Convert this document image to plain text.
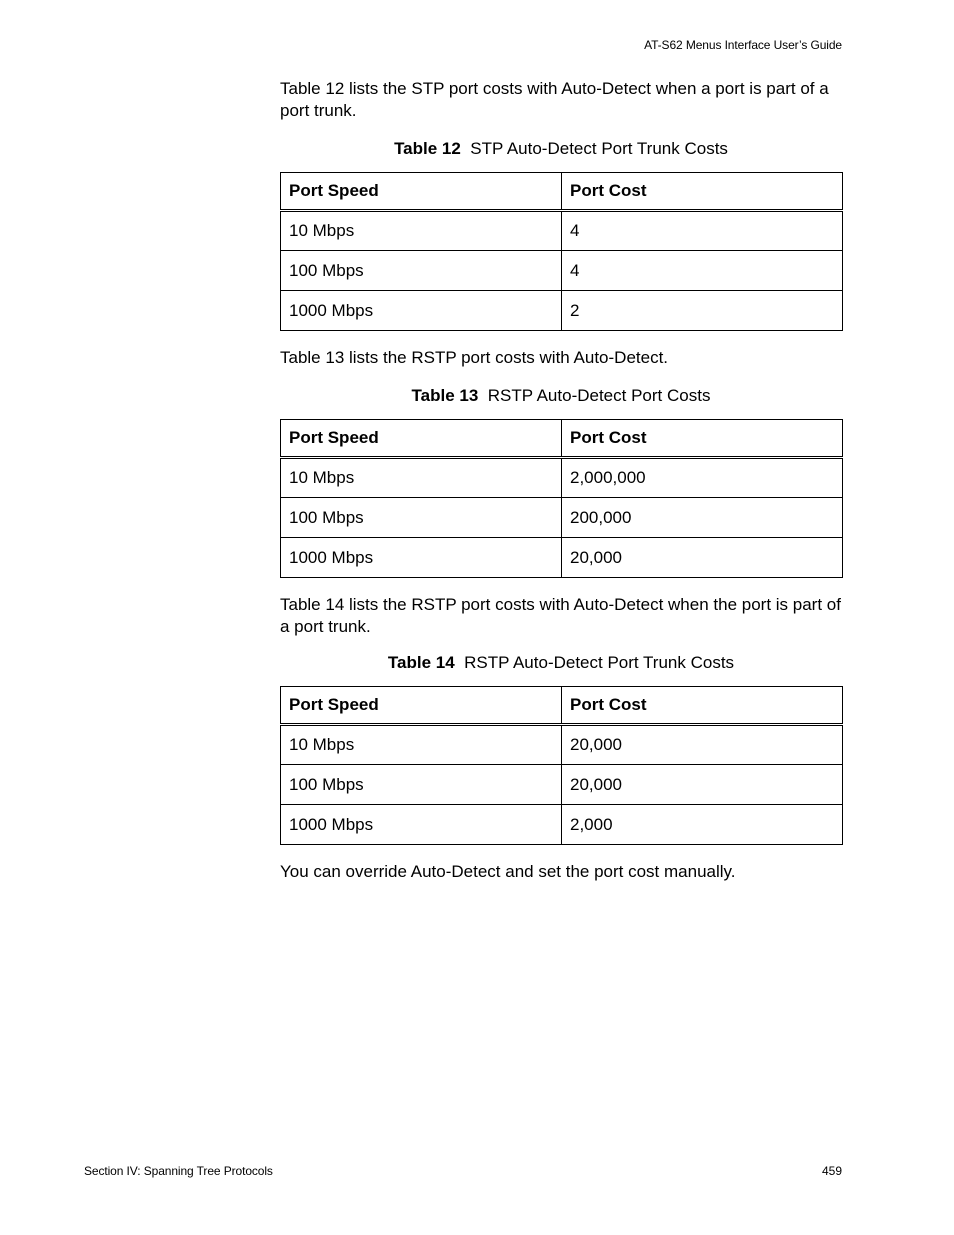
AT-S62 Menus Interface User’s Guide

Table 12 lists the STP port costs with Auto-Detect when a port is part of a port trunk.

Table 12 STP Auto-Detect Port Trunk Costs
Port Speed	Port Cost
10 Mbps	4
100 Mbps	4
1000 Mbps	2

Table 13 lists the RSTP port costs with Auto-Detect.

Table 13 RSTP Auto-Detect Port Costs
Port Speed	Port Cost
10 Mbps	2,000,000
100 Mbps	200,000
1000 Mbps	20,000

Table 14 lists the RSTP port costs with Auto-Detect when the port is part of a port trunk.

Table 14 RSTP Auto-Detect Port Trunk Costs
Port Speed	Port Cost
10 Mbps	20,000
100 Mbps	20,000
1000 Mbps	2,000

You can override Auto-Detect and set the port cost manually.

Section IV: Spanning Tree Protocols	459
